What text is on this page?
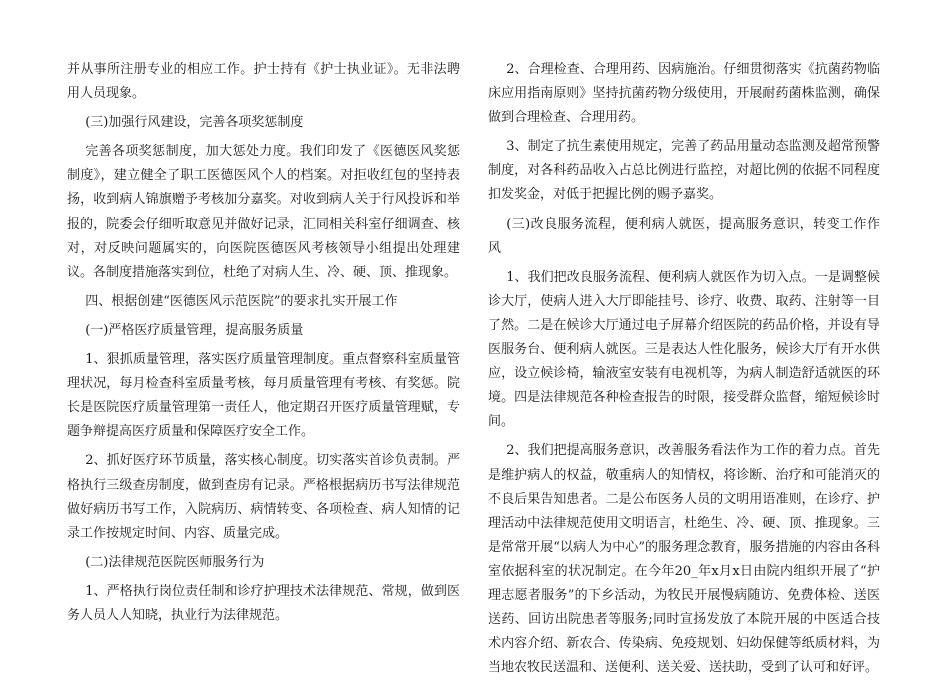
并从事所注册专业的相应工作。护士持有《护士执业证》。无非法聘用人员现象。

(三)加强行风建设，完善各项奖惩制度

完善各项奖惩制度，加大惩处力度。我们印发了《医德医风奖惩制度》，建立健全了职工医德医风个人的档案。对拒收红包的坚持表扬，收到病人锦旗赠予考核加分嘉奖。对收到病人关于行风投诉和举报的，院委会仔细听取意见并做好记录，汇同相关科室仔细调查、核对，对反映问题属实的，向医院医德医风考核领导小组提出处理建议。各制度措施落实到位，杜绝了对病人生、冷、硬、顶、推现象。

四、根据创建“医德医风示范医院”的要求扎实开展工作

(一)严格医疗质量管理，提高服务质量

1、狠抓质量管理，落实医疗质量管理制度。重点督察科室质量管理状况，每月检查科室质量考核，每月质量管理有考核、有奖惩。院长是医院医疗质量管理第一责任人，他定期召开医疗质量管理赋，专题争辩提高医疗质量和保障医疗安全工作。

2、抓好医疗环节质量，落实核心制度。切实落实首诊负责制。严格执行三级查房制度，做到查房有记录。严格根据病历书写法律规范做好病历书写工作，入院病历、病情转变、各项检查、病人知情的记录工作按规定时间、内容、质量完成。

(二)法律规范医院医师服务行为

1、严格执行岗位责任制和诊疗护理技术法律规范、常规，做到医务人员人人知晓，执业行为法律规范。

2、合理检查、合理用药、因病施治。仔细贯彻落实《抗菌药物临床应用指南原则》坚持抗菌药物分级使用，开展耐药菌株监测，确保做到合理检查、合理用药。

3、制定了抗生素使用规定，完善了药品用量动态监测及超常预警制度，对各科药品收入占总比例进行监控，对超比例的依据不同程度扣发奖金，对低于把握比例的赐予嘉奖。

(三)改良服务流程，便利病人就医，提高服务意识，转变工作作风

1、我们把改良服务流程、便利病人就医作为切入点。一是调整候诊大厅，使病人进入大厅即能挂号、诊疗、收费、取药、注射等一目了然。二是在候诊大厅通过电子屏幕介绍医院的药品价格，并设有导医服务台、便利病人就医。三是表达人性化服务，候诊大厅有开水供应，设立候诊椅，输液室安装有电视机等，为病人制造舒适就医的环境。四是法律规范各种检查报告的时限，接受群众监督，缩短候诊时间。

2、我们把提高服务意识，改善服务看法作为工作的着力点。首先是维护病人的权益，敬重病人的知情权，将诊断、治疗和可能消灭的不良后果告知患者。二是公布医务人员的文明用语准则，在诊疗、护理活动中法律规范使用文明语言，杜绝生、冷、硬、顶、推现象。三是常常开展“以病人为中心”的服务理念教育，服务措施的内容由各科室依据科室的状况制定。在今年20_年x月x日由院内组织开展了“护理志愿者服务”的下乡活动，为牧民开展慢病随访、免费体检、送医送药、回访出院患者等服务;同时宣扬发放了本院开展的中医适合技术内容介绍、新农合、传染病、免疫规划、妇幼保健等纸质材料，为当地农牧民送温和、送便利、送关爱、送扶助，受到了认可和好评。
